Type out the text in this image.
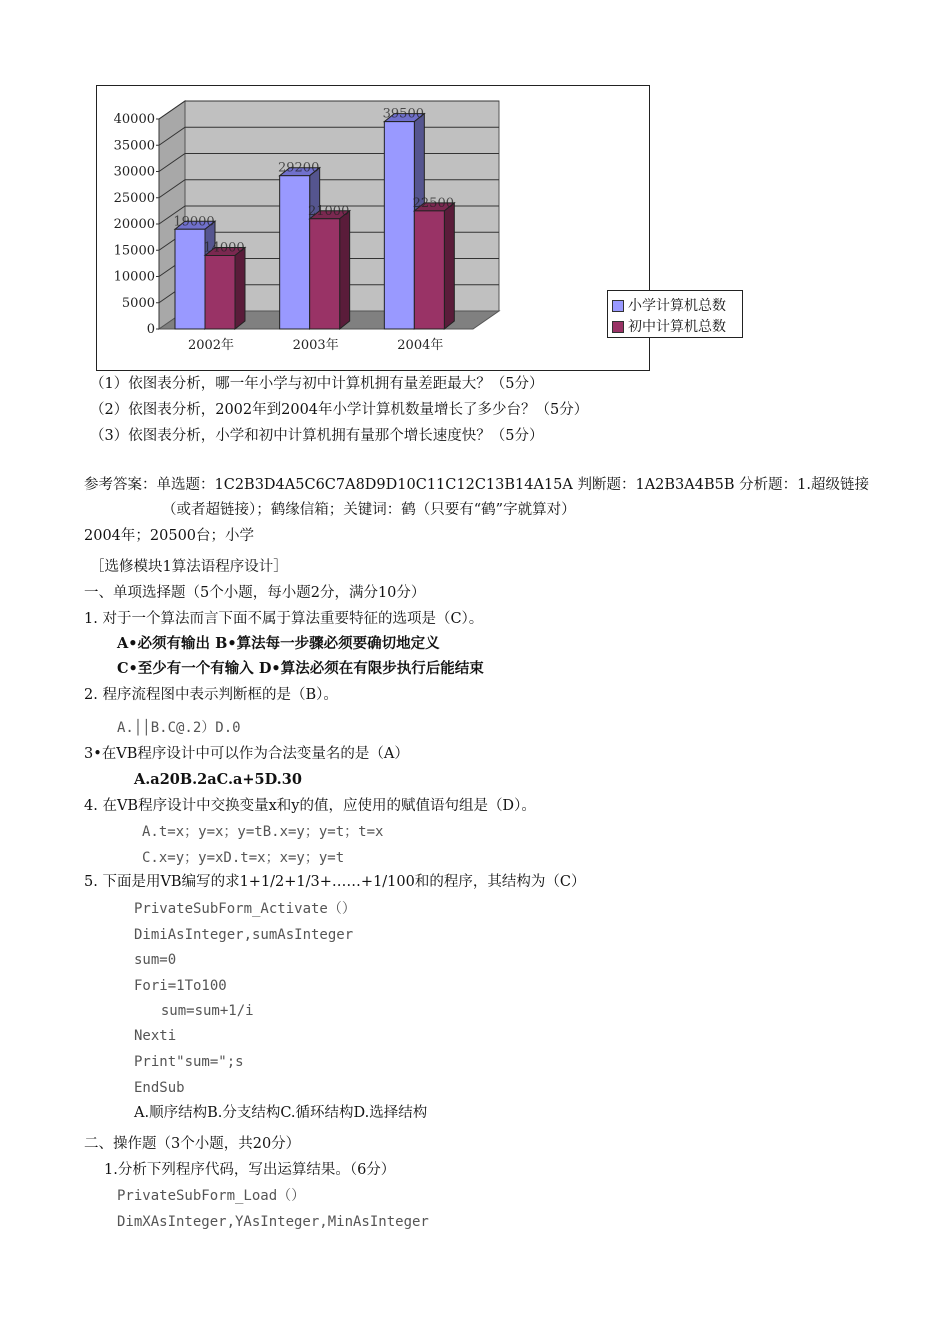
0
5000
10000
15000
20000
25000
30000
35000
40000
19000
14000
2002年
29200
21000
2003年
39500
22500
2004年
小学计算机总数
初中计算机总数
（1）依图表分析，哪一年小学与初中计算机拥有量差距最大？（5分）
（2）依图表分析，2002年到2004年小学计算机数量增长了多少台？（5分）
（3）依图表分析，小学和初中计算机拥有量那个增长速度快？（5分）
参考答案：单选题：1C2B3D4A5C6C7A8D9D10C11C12C13B14A15A 判断题：1A2B3A4B5B 分析题：1.超级链接
（或者超链接）；鹤缘信箱；关键词：鹤（只要有“鹤”字就算对）
2004年；20500台；小学
［选修模块1算法语程序设计］
一、单项选择题（5个小题，每小题2分，满分10分）
1. 对于一个算法而言下面不属于算法重要特征的选项是（C）。
A•必须有输出 B•算法每一步骤必须要确切地定义
C•至少有一个有输入 D•算法必须在有限步执行后能结束
2. 程序流程图中表示判断框的是（B）。
A.││B.C@.2）D.0
3•在VB程序设计中可以作为合法变量名的是（A）
A.a20B.2aC.a+5D.30
4. 在VB程序设计中交换变量x和y的值，应使用的赋值语句组是（D）。
A.t=x；y=x；y=tB.x=y；y=t；t=x
C.x=y；y=xD.t=x；x=y；y=t
5. 下面是用VB编写的求1+1/2+1/3+……+1/100和的程序，其结构为（C）
PrivateSubForm_Activate（）
DimiAsInteger,sumAsInteger
sum=0
Fori=1To100
sum=sum+1/i
Nexti
Print"sum=";s
EndSub
A.顺序结构B.分支结构C.循环结构D.选择结构
二、操作题（3个小题，共20分）
1.分析下列程序代码，写出运算结果。（6分）
PrivateSubForm_Load（）
DimXAsInteger,YAsInteger,MinAsInteger
